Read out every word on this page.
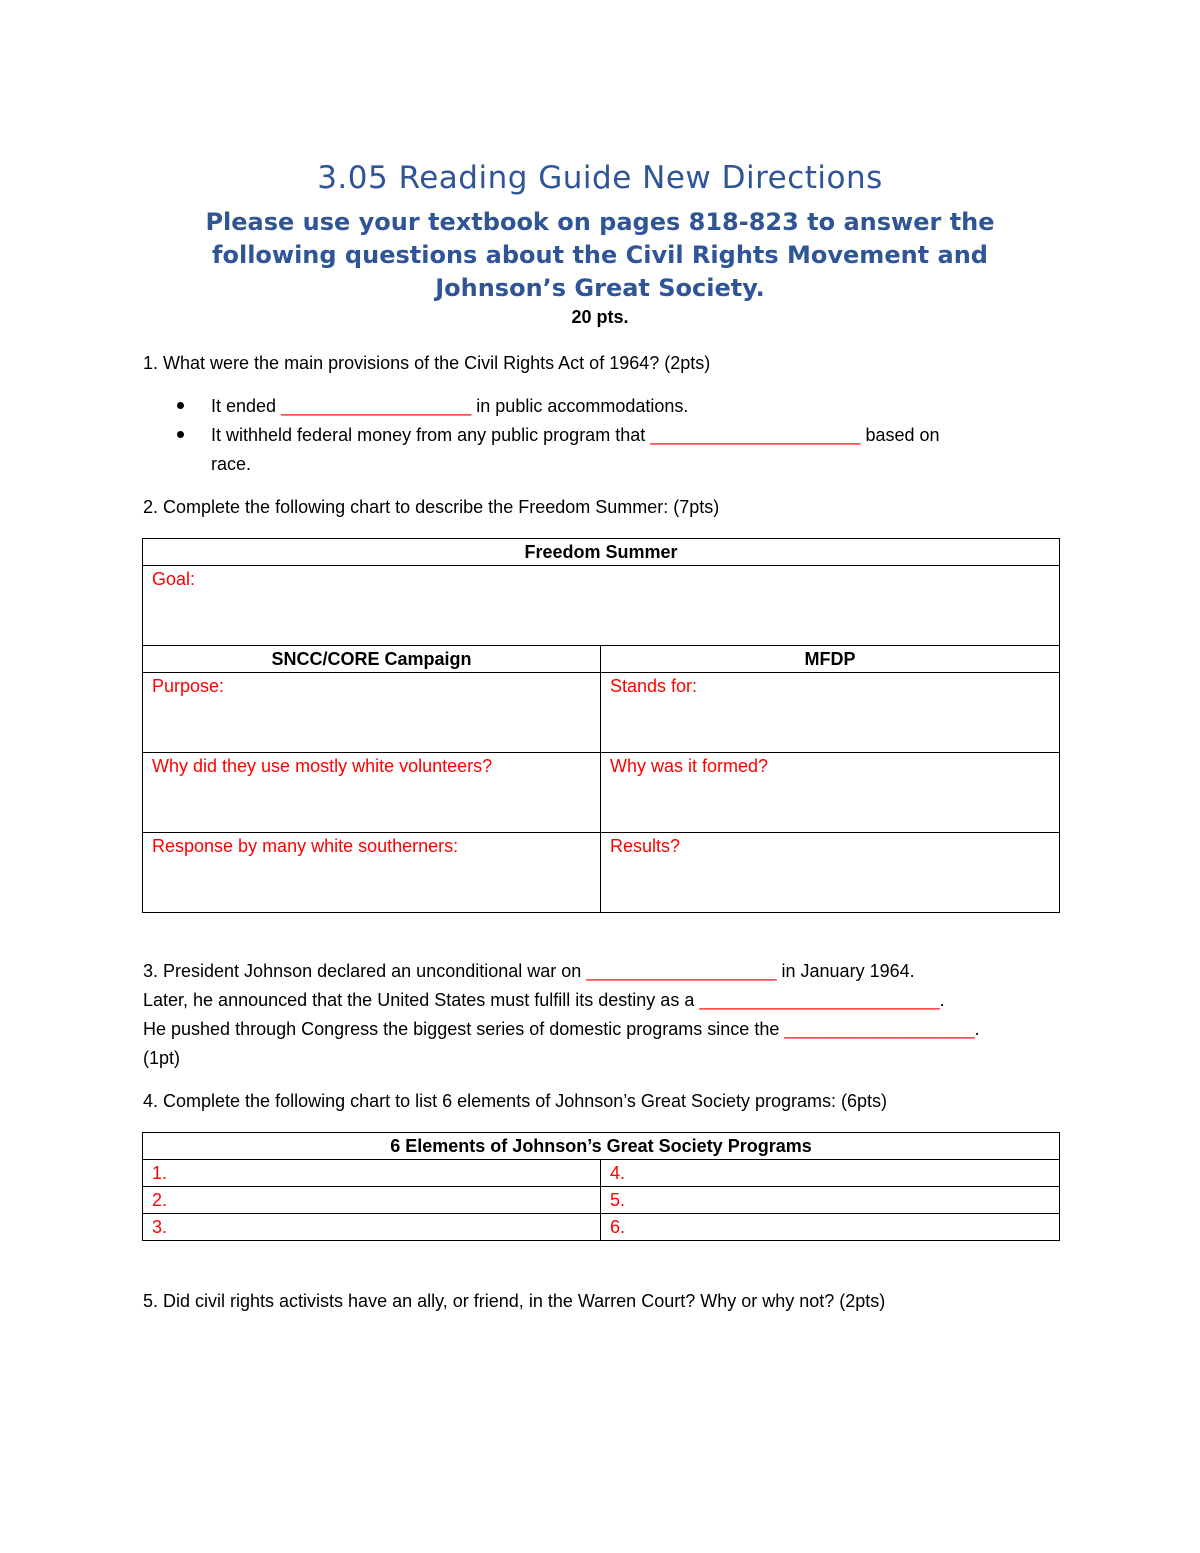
3.05 Reading Guide New Directions
Please use your textbook on pages 818-823 to answer the following questions about the Civil Rights Movement and Johnson’s Great Society.
20 pts.
1. What were the main provisions of the Civil Rights Act of 1964? (2pts)
It ended ___________________ in public accommodations.
It withheld federal money from any public program that _____________________ based on
race.
2. Complete the following chart to describe the Freedom Summer: (7pts)
Freedom Summer	
Goal:	
SNCC/CORE Campaign	MFDP
Purpose:	Stands for:
Why did they use mostly white volunteers?	Why was it formed?
Response by many white southerners:	Results?
3. President Johnson declared an unconditional war on ___________________ in January 1964.
Later, he announced that the United States must fulfill its destiny as a ________________________.
He pushed through Congress the biggest series of domestic programs since the ___________________.
(1pt)
4. Complete the following chart to list 6 elements of Johnson’s Great Society programs: (6pts)
6 Elements of Johnson’s Great Society Programs	
1.	4.
2.	5.
3.	6.
5. Did civil rights activists have an ally, or friend, in the Warren Court? Why or why not? (2pts)
